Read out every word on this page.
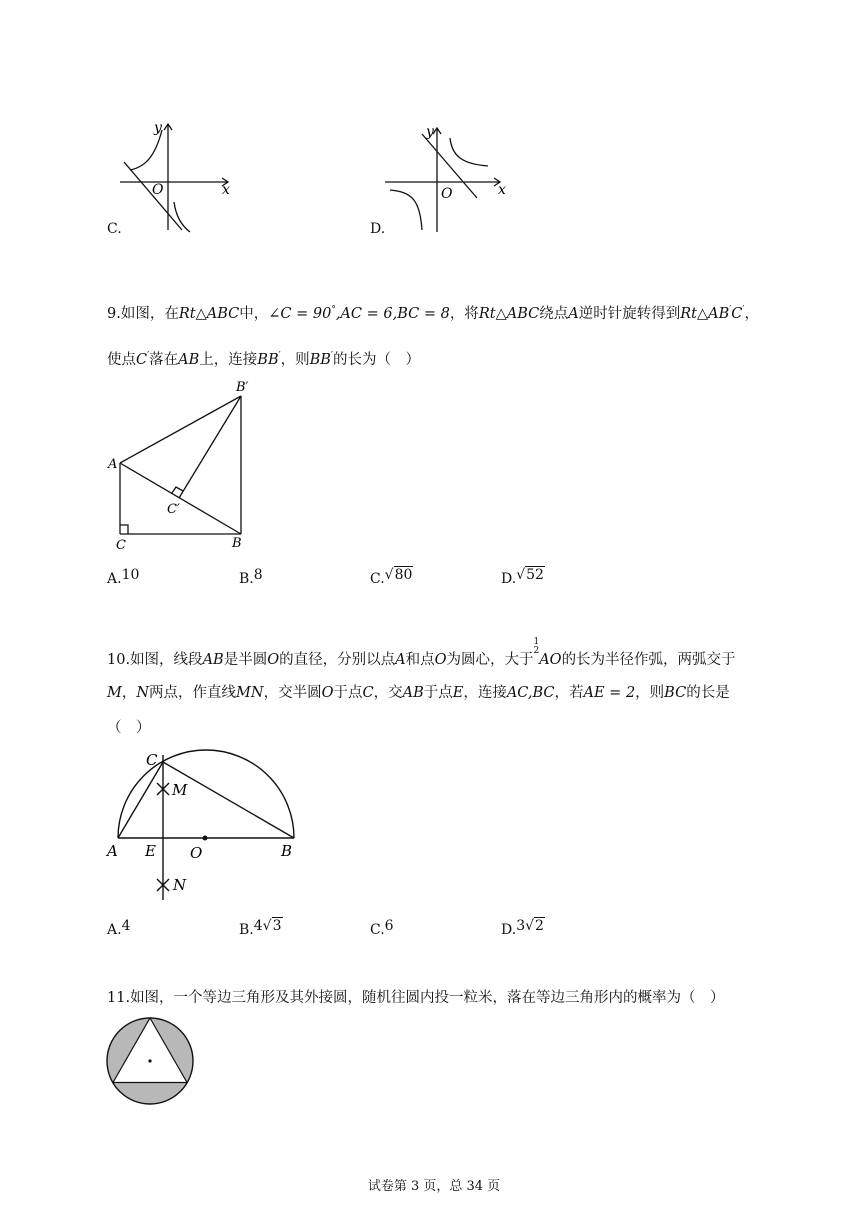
y
x
O
C.
y
x
O
D.
9.如图，在Rt△ABC中，∠C = 90°,AC = 6,BC = 8，将Rt△ABC绕点A逆时针旋转得到Rt△AB′C′，
使点C′落在AB上，连接BB′，则BB′的长为（　）
A
C	B
B′
C′
A.10	B.8	C.√80	D.√52
10.如图，线段AB是半圆O的直径，分别以点A和点O为圆心，大于1
2AO的长为半径作弧，两弧交于
M，N两点，作直线MN，交半圆O于点C，交AB于点E，连接AC,BC，若AE = 2，则BC的长是
（　）
C
M
A E O	B
N
A.4	B.4√3	C.6	D.3√2
11.如图，一个等边三角形及其外接圆，随机往圆内投一粒米，落在等边三角形内的概率为（　）
试卷第 3 页，总 34 页
